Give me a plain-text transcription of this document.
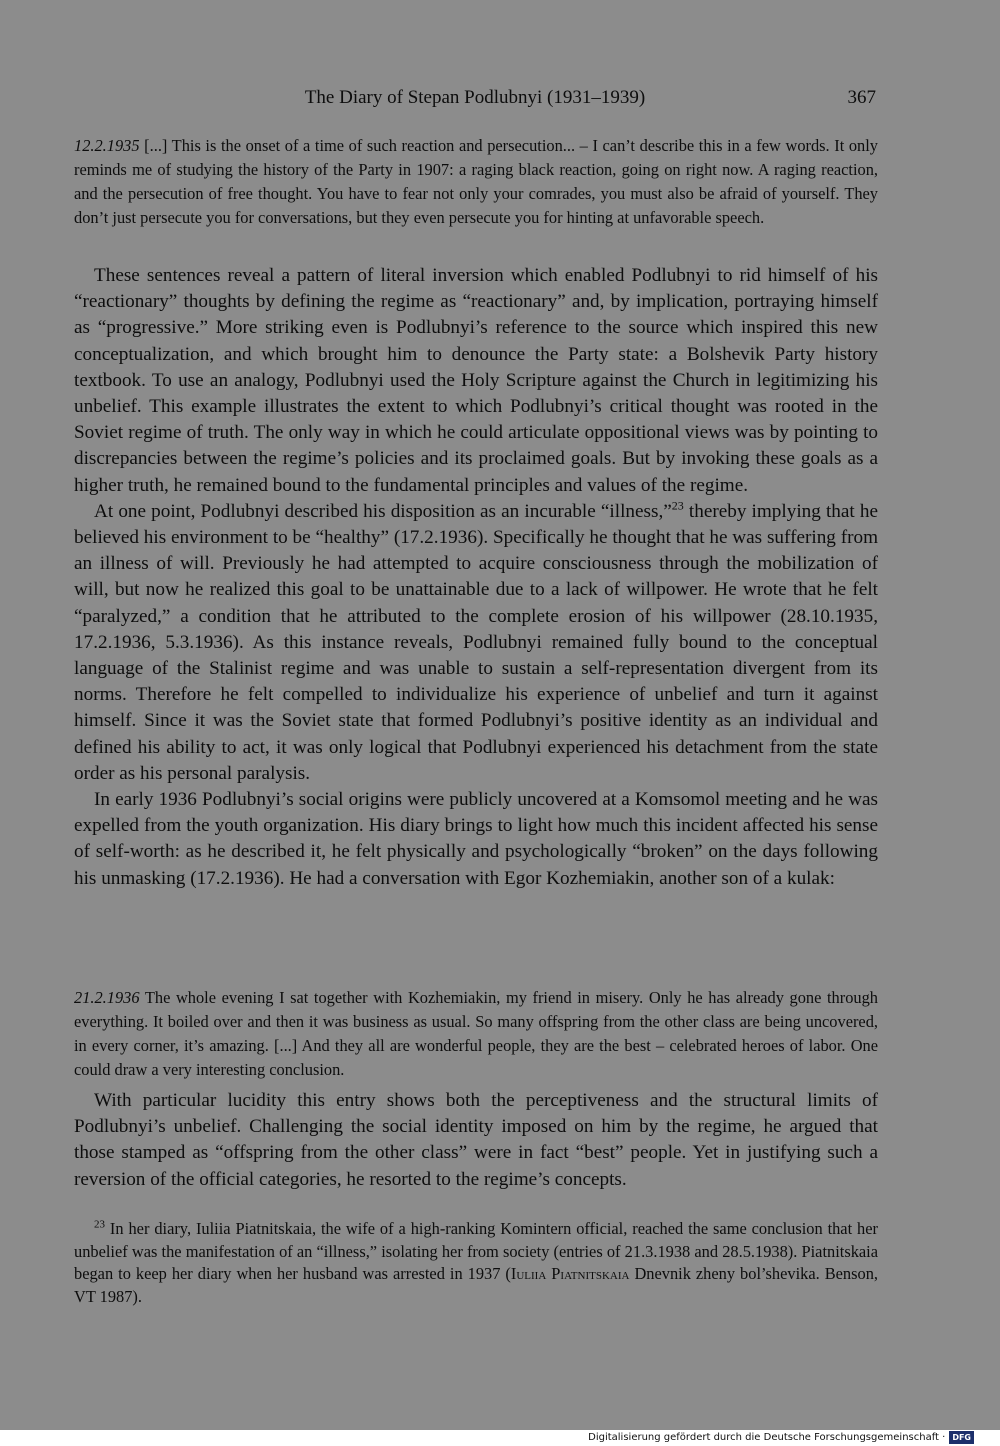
The Diary of Stepan Podlubnyi (1931–1939)	367

12.2.1935 [...] This is the onset of a time of such reaction and persecution... – I can’t describe this in a few words. It only reminds me of studying the history of the Party in 1907: a raging black reaction, going on right now. A raging reaction, and the persecution of free thought. You have to fear not only your comrades, you must also be afraid of yourself. They don’t just persecute you for conversations, but they even persecute you for hinting at unfavorable speech.

These sentences reveal a pattern of literal inversion which enabled Podlubnyi to rid himself of his “reactionary” thoughts by defining the regime as “reactionary” and, by implication, portraying himself as “progressive.” More striking even is Podlubnyi’s reference to the source which inspired this new conceptualization, and which brought him to denounce the Party state: a Bolshevik Party history textbook. To use an analogy, Podlubnyi used the Holy Scripture against the Church in legitimizing his unbelief. This example illustrates the extent to which Podlubnyi’s critical thought was rooted in the Soviet regime of truth. The only way in which he could articulate oppositional views was by pointing to discrepancies between the regime’s policies and its proclaimed goals. But by invoking these goals as a higher truth, he remained bound to the fundamental principles and values of the regime.

At one point, Podlubnyi described his disposition as an incurable “illness,”$^{23}$ thereby implying that he believed his environment to be “healthy” (17.2.1936). Specifically he thought that he was suffering from an illness of will. Previously he had attempted to acquire consciousness through the mobilization of will, but now he realized this goal to be unattainable due to a lack of willpower. He wrote that he felt “paralyzed,” a condition that he attributed to the complete erosion of his willpower (28.10.1935, 17.2.1936, 5.3.1936). As this instance reveals, Podlubnyi remained fully bound to the conceptual language of the Stalinist regime and was unable to sustain a self-representation divergent from its norms. Therefore he felt compelled to individualize his experience of unbelief and turn it against himself. Since it was the Soviet state that formed Podlubnyi’s positive identity as an individual and defined his ability to act, it was only logical that Podlubnyi experienced his detachment from the state order as his personal paralysis.

In early 1936 Podlubnyi’s social origins were publicly uncovered at a Komsomol meeting and he was expelled from the youth organization. His diary brings to light how much this incident affected his sense of self-worth: as he described it, he felt physically and psychologically “broken” on the days following his unmasking (17.2.1936). He had a conversation with Egor Kozhemiakin, another son of a kulak:

21.2.1936 The whole evening I sat together with Kozhemiakin, my friend in misery. Only he has already gone through everything. It boiled over and then it was business as usual. So many offspring from the other class are being uncovered, in every corner, it’s amazing. [...] And they all are wonderful people, they are the best – celebrated heroes of labor. One could draw a very interesting conclusion.

With particular lucidity this entry shows both the perceptiveness and the structural limits of Podlubnyi’s unbelief. Challenging the social identity imposed on him by the regime, he argued that those stamped as “offspring from the other class” were in fact “best” people. Yet in justifying such a reversion of the official categories, he resorted to the regime’s concepts.

$^{23}$ In her diary, Iuliia Piatnitskaia, the wife of a high-ranking Komintern official, reached the same conclusion that her unbelief was the manifestation of an “illness,” isolating her from society (entries of 21.3.1938 and 28.5.1938). Piatnitskaia began to keep her diary when her husband was arrested in 1937 (Iuliia Piatnitskaia Dnevnik zheny bol’shevika. Benson, VT 1987).

Digitalisierung gefördert durch die Deutsche Forschungsgemeinschaft · DFG
